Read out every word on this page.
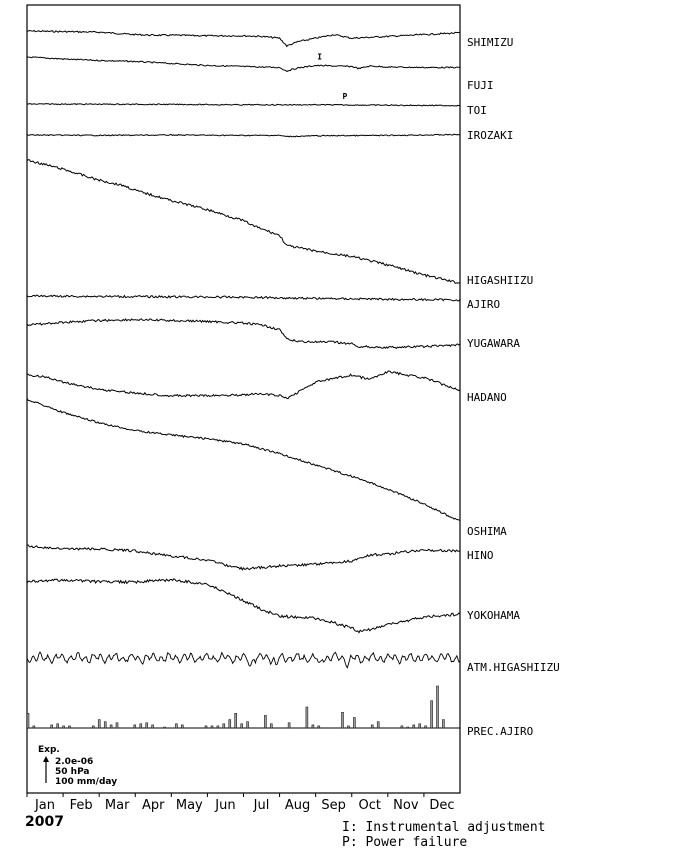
SHIMIZU
FUJI
TOI
IROZAKI
HIGASHIIZU
AJIRO
YUGAWARA
HADANO
OSHIMA
HINO
YOKOHAMA
I
P
ATM.HIGASHIIZU
PREC.AJIRO
Jan Feb Mar Apr May Jun Jul Aug Sep Oct Nov Dec
Exp.
2.0e-06
50 hPa
100 mm/day
2007	I: Instrumental adjustment
P: Power failure
